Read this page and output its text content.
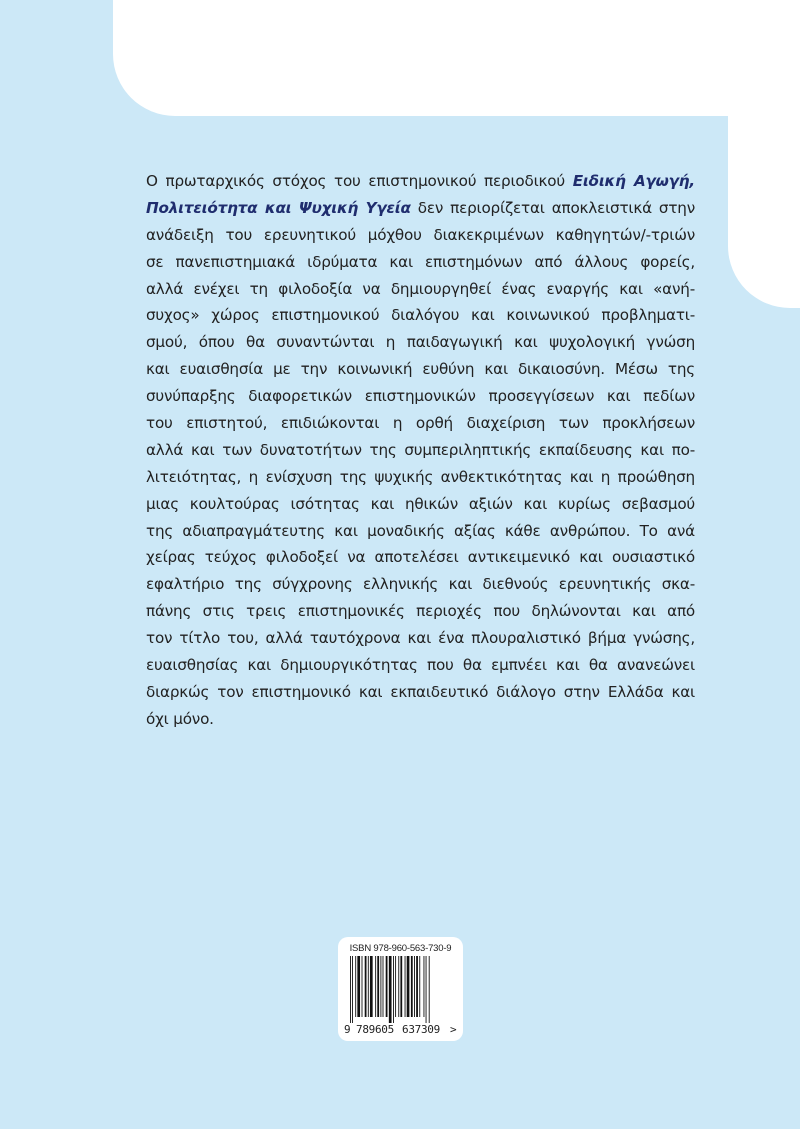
Ο πρωταρχικός στόχος του επιστημονικού περιοδικού Ειδική Αγωγή,
Πολιτειότητα και Ψυχική Υγεία δεν περιορίζεται αποκλειστικά στην
ανάδειξη του ερευνητικού μόχθου διακεκριμένων καθηγητών/-τριών
σε πανεπιστημιακά ιδρύματα και επιστημόνων από άλλους φορείς,
αλλά ενέχει τη φιλοδοξία να δημιουργηθεί ένας εναργής και «ανή-
συχος» χώρος επιστημονικού διαλόγου και κοινωνικού προβληματι-
σμού, όπου θα συναντώνται η παιδαγωγική και ψυχολογική γνώση
και ευαισθησία με την κοινωνική ευθύνη και δικαιοσύνη. Μέσω της
συνύπαρξης διαφορετικών επιστημονικών προσεγγίσεων και πεδίων
του επιστητού, επιδιώκονται η ορθή διαχείριση των προκλήσεων
αλλά και των δυνατοτήτων της συμπεριληπτικής εκπαίδευσης και πο-
λιτειότητας, η ενίσχυση της ψυχικής ανθεκτικότητας και η προώθηση
μιας κουλτούρας ισότητας και ηθικών αξιών και κυρίως σεβασμού
της αδιαπραγμάτευτης και μοναδικής αξίας κάθε ανθρώπου. Το ανά
χείρας τεύχος φιλοδοξεί να αποτελέσει αντικειμενικό και ουσιαστικό
εφαλτήριο της σύγχρονης ελληνικής και διεθνούς ερευνητικής σκα-
πάνης στις τρεις επιστημονικές περιοχές που δηλώνονται και από
τον τίτλο του, αλλά ταυτόχρονα και ένα πλουραλιστικό βήμα γνώσης,
ευαισθησίας και δημιουργικότητας που θα εμπνέει και θα ανανεώνει
διαρκώς τον επιστημονικό και εκπαιδευτικό διάλογο στην Ελλάδα και
όχι μόνο.
ISBN 978-960-563-730-9
9 789605 637309 >
